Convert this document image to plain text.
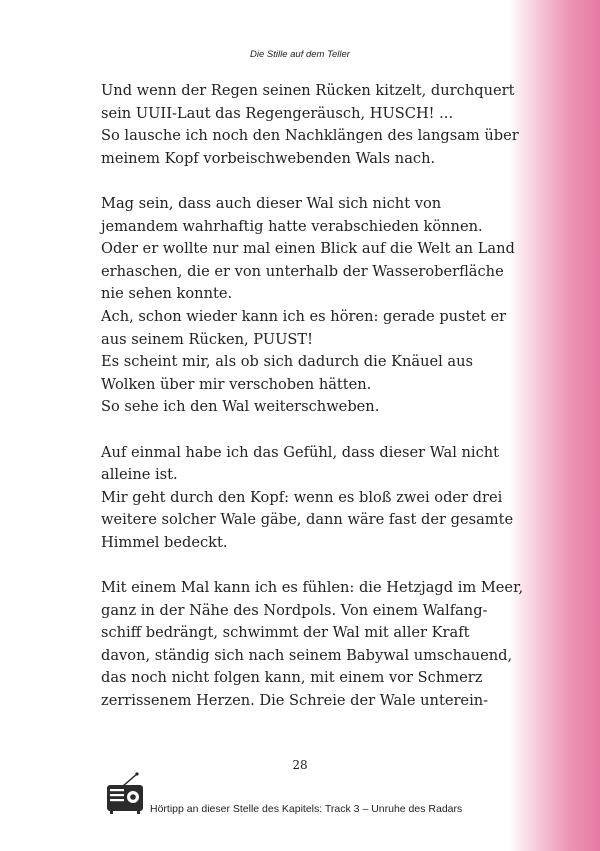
Die Stille auf dem Teller

Und wenn der Regen seinen Rücken kitzelt, durchquert
sein UUII-Laut das Regengeräusch, HUSCH! ...
So lausche ich noch den Nachklängen des langsam über
meinem Kopf vorbeischwebenden Wals nach.

Mag sein, dass auch dieser Wal sich nicht von
jemandem wahrhaftig hatte verabschieden können.
Oder er wollte nur mal einen Blick auf die Welt an Land
erhaschen, die er von unterhalb der Wasseroberfläche
nie sehen konnte.
Ach, schon wieder kann ich es hören: gerade pustet er
aus seinem Rücken, PUUST!
Es scheint mir, als ob sich dadurch die Knäuel aus
Wolken über mir verschoben hätten.
So sehe ich den Wal weiterschweben.

Auf einmal habe ich das Gefühl, dass dieser Wal nicht
alleine ist.
Mir geht durch den Kopf: wenn es bloß zwei oder drei
weitere solcher Wale gäbe, dann wäre fast der gesamte
Himmel bedeckt.

Mit einem Mal kann ich es fühlen: die Hetzjagd im Meer,
ganz in der Nähe des Nordpols. Von einem Walfang-
schiff bedrängt, schwimmt der Wal mit aller Kraft
davon, ständig sich nach seinem Babywal umschauend,
das noch nicht folgen kann, mit einem vor Schmerz
zerrissenem Herzen. Die Schreie der Wale unterein-

28
Hörtipp an dieser Stelle des Kapitels: Track 3 – Unruhe des Radars
